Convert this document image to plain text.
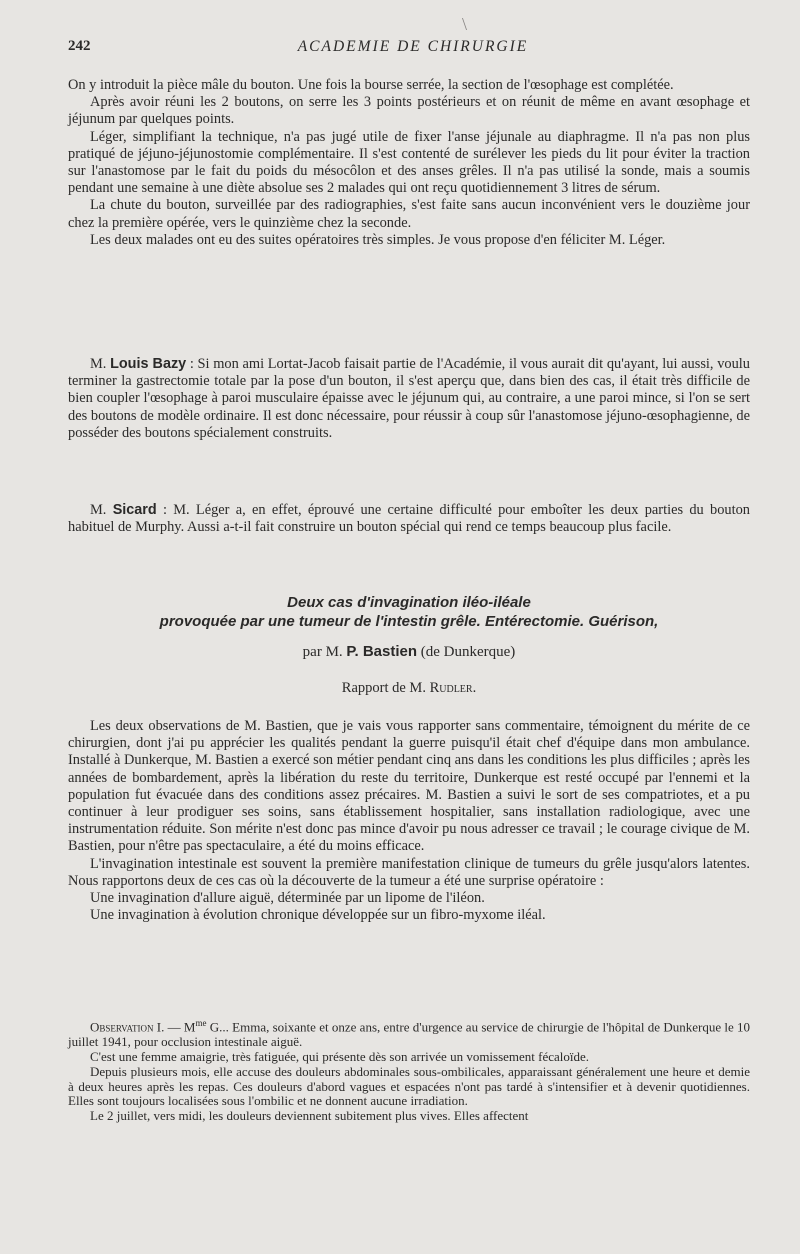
\
242	ACADEMIE DE CHIRURGIE

On y introduit la pièce mâle du bouton. Une fois la bourse serrée, la section de l'œsophage est complétée.

Après avoir réuni les 2 boutons, on serre les 3 points postérieurs et on réunit de même en avant œsophage et jéjunum par quelques points.

Léger, simplifiant la technique, n'a pas jugé utile de fixer l'anse jéjunale au diaphragme. Il n'a pas non plus pratiqué de jéjuno-jéjunostomie complémentaire. Il s'est contenté de surélever les pieds du lit pour éviter la traction sur l'anastomose par le fait du poids du mésocôlon et des anses grêles. Il n'a pas utilisé la sonde, mais a soumis pendant une semaine à une diète absolue ses 2 malades qui ont reçu quotidiennement 3 litres de sérum.

La chute du bouton, surveillée par des radiographies, s'est faite sans aucun inconvénient vers le douzième jour chez la première opérée, vers le quinzième chez la seconde.

Les deux malades ont eu des suites opératoires très simples. Je vous propose d'en féliciter M. Léger.

M. Louis Bazy : Si mon ami Lortat-Jacob faisait partie de l'Académie, il vous aurait dit qu'ayant, lui aussi, voulu terminer la gastrectomie totale par la pose d'un bouton, il s'est aperçu que, dans bien des cas, il était très difficile de bien coupler l'œsophage à paroi musculaire épaisse avec le jéjunum qui, au contraire, a une paroi mince, si l'on se sert des boutons de modèle ordinaire. Il est donc nécessaire, pour réussir à coup sûr l'anastomose jéjuno-œsophagienne, de posséder des boutons spécialement construits.

M. Sicard : M. Léger a, en effet, éprouvé une certaine difficulté pour emboîter les deux parties du bouton habituel de Murphy. Aussi a-t-il fait construire un bouton spécial qui rend ce temps beaucoup plus facile.

Deux cas d'invagination iléo-iléale

provoquée par une tumeur de l'intestin grêle. Entérectomie. Guérison,

par M. P. Bastien (de Dunkerque)

Rapport de M. Rudler.

Les deux observations de M. Bastien, que je vais vous rapporter sans commentaire, témoignent du mérite de ce chirurgien, dont j'ai pu apprécier les qualités pendant la guerre puisqu'il était chef d'équipe dans mon ambulance. Installé à Dunkerque, M. Bastien a exercé son métier pendant cinq ans dans les conditions les plus difficiles ; après les années de bombardement, après la libération du reste du territoire, Dunkerque est resté occupé par l'ennemi et la population fut évacuée dans des conditions assez précaires. M. Bastien a suivi le sort de ses compatriotes, et a pu continuer à leur prodiguer ses soins, sans établissement hospitalier, sans installation radiologique, avec une instrumentation réduite. Son mérite n'est donc pas mince d'avoir pu nous adresser ce travail ; le courage civique de M. Bastien, pour n'être pas spectaculaire, a été du moins efficace.

L'invagination intestinale est souvent la première manifestation clinique de tumeurs du grêle jusqu'alors latentes. Nous rapportons deux de ces cas où la découverte de la tumeur a été une surprise opératoire :

Une invagination d'allure aiguë, déterminée par un lipome de l'iléon.

Une invagination à évolution chronique développée sur un fibro-myxome iléal.

Observation I. — $M^{me}$ G... Emma, soixante et onze ans, entre d'urgence au service de chirurgie de l'hôpital de Dunkerque le 10 juillet 1941, pour occlusion intestinale aiguë.

C'est une femme amaigrie, très fatiguée, qui présente dès son arrivée un vomissement fécaloïde.

Depuis plusieurs mois, elle accuse des douleurs abdominales sous-ombilicales, apparaissant généralement une heure et demie à deux heures après les repas. Ces douleurs d'abord vagues et espacées n'ont pas tardé à s'intensifier et à devenir quotidiennes. Elles sont toujours localisées sous l'ombilic et ne donnent aucune irradiation.

Le 2 juillet, vers midi, les douleurs deviennent subitement plus vives. Elles affectent
